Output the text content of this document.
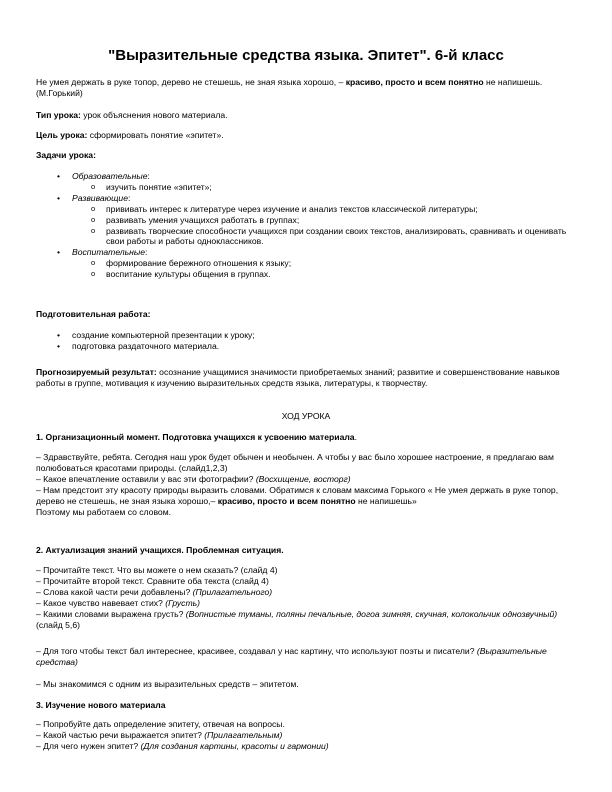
"Выразительные средства языка. Эпитет". 6-й класс

Не умея держать в руке топор, дерево не стешешь, не зная языка хорошо, – красиво, просто и всем понятно не напишешь. (М.Горький)

Тип урока: урок объяснения нового материала.

Цель урока: сформировать понятие «эпитет».

Задачи урока:

• Образовательные:
o изучить понятие «эпитет»;
• Развивающие:
o прививать интерес к литературе через изучение и анализ текстов классической литературы;
o развивать умения учащихся работать в группах;
o развивать творческие способности учащихся при создании своих текстов, анализировать, сравнивать и оценивать свои работы и работы одноклассников.
• Воспитательные:
o формирование бережного отношения к языку;
o воспитание культуры общения в группах.

Подготовительная работа:

• создание компьютерной презентации к уроку;
• подготовка раздаточного материала.

Прогнозируемый результат: осознание учащимися значимости приобретаемых знаний; развитие и совершенствование навыков работы в группе, мотивация к изучению выразительных средств языка, литературы, к творчеству.

ХОД УРОКА

1. Организационный момент. Подготовка учащихся к усвоению материала.

– Здравствуйте, ребята. Сегодня наш урок будет обычен и необычен. А чтобы у вас было хорошее настроение, я предлагаю вам полюбоваться красотами природы. (слайд1,2,3)
– Какое впечатление оставили у вас эти фотографии? (Восхищение, восторг)
– Нам предстоит эту красоту природы выразить словами. Обратимся к словам максима Горького « Не умея держать в руке топор, дерево не стешешь, не зная языка хорошо,– красиво, просто и всем понятно не напишешь»
Поэтому мы работаем со словом.

2. Актуализация знаний учащихся. Проблемная ситуация.

– Прочитайте текст. Что вы можете о нем сказать? (слайд 4)
– Прочитайте второй текст. Сравните оба текста (слайд 4)
– Слова какой части речи добавлены? (Прилагательного)
– Какое чувство навевает стих? (Грусть)
– Какими словами выражена грусть? (Вопнистые туманы, поляны печальные, догоа зимняя, скучная, колокольчик однозвучный) (слайд 5,6)

– Для того чтобы текст бал интереснее, красивее, создавал у нас картину, что используют поэты и писатели? (Выразительные средства)

– Мы знакомимся с одним из выразительных средств – эпитетом.

3. Изучение нового материала

– Попробуйте дать определение эпитету, отвечая на вопросы.
– Какой частью речи выражается эпитет? (Прилагательным)
– Для чего нужен эпитет? (Для создания картины, красоты и гармонии)
